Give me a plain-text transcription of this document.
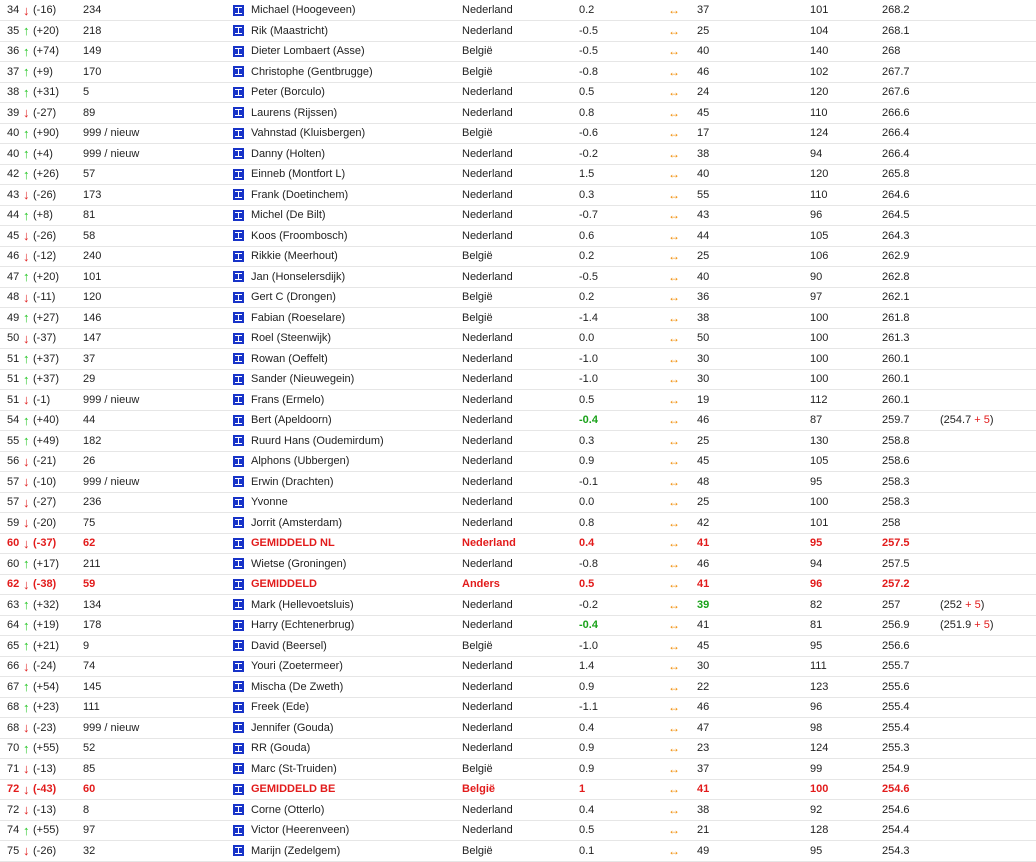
34	↓	(-16)	234		Michael (Hoogeveen)	Nederland	0.2	↔	37	101	268.2	
35	↑	(+20)	218		Rik (Maastricht)	Nederland	-0.5	↔	25	104	268.1	
36	↑	(+74)	149		Dieter Lombaert (Asse)	België	-0.5	↔	40	140	268	
37	↑	(+9)	170		Christophe (Gentbrugge)	België	-0.8	↔	46	102	267.7	
38	↑	(+31)	5		Peter (Borculo)	Nederland	0.5	↔	24	120	267.6	
39	↓	(-27)	89		Laurens (Rijssen)	Nederland	0.8	↔	45	110	266.6	
40	↑	(+90)	999 / nieuw		Vahnstad (Kluisbergen)	België	-0.6	↔	17	124	266.4	
40	↑	(+4)	999 / nieuw		Danny (Holten)	Nederland	-0.2	↔	38	94	266.4	
42	↑	(+26)	57		Einneb (Montfort L)	Nederland	1.5	↔	40	120	265.8	
43	↓	(-26)	173		Frank (Doetinchem)	Nederland	0.3	↔	55	110	264.6	
44	↑	(+8)	81		Michel (De Bilt)	Nederland	-0.7	↔	43	96	264.5	
45	↓	(-26)	58		Koos (Froombosch)	Nederland	0.6	↔	44	105	264.3	
46	↓	(-12)	240		Rikkie (Meerhout)	België	0.2	↔	25	106	262.9	
47	↑	(+20)	101		Jan (Honselersdijk)	Nederland	-0.5	↔	40	90	262.8	
48	↓	(-11)	120		Gert C (Drongen)	België	0.2	↔	36	97	262.1	
49	↑	(+27)	146		Fabian (Roeselare)	België	-1.4	↔	38	100	261.8	
50	↓	(-37)	147		Roel (Steenwijk)	Nederland	0.0	↔	50	100	261.3	
51	↑	(+37)	37		Rowan (Oeffelt)	Nederland	-1.0	↔	30	100	260.1	
51	↑	(+37)	29		Sander (Nieuwegein)	Nederland	-1.0	↔	30	100	260.1	
51	↓	(-1)	999 / nieuw		Frans (Ermelo)	Nederland	0.5	↔	19	112	260.1	
54	↑	(+40)	44		Bert (Apeldoorn)	Nederland	-0.4	↔	46	87	259.7	(254.7 + 5)
55	↑	(+49)	182		Ruurd Hans (Oudemirdum)	Nederland	0.3	↔	25	130	258.8	
56	↓	(-21)	26		Alphons (Ubbergen)	Nederland	0.9	↔	45	105	258.6	
57	↓	(-10)	999 / nieuw		Erwin (Drachten)	Nederland	-0.1	↔	48	95	258.3	
57	↓	(-27)	236		Yvonne	Nederland	0.0	↔	25	100	258.3	
59	↓	(-20)	75		Jorrit (Amsterdam)	Nederland	0.8	↔	42	101	258	
60	↓	(-37)	62		GEMIDDELD NL	Nederland	0.4	↔	41	95	257.5	
60	↑	(+17)	211		Wietse (Groningen)	Nederland	-0.8	↔	46	94	257.5	
62	↓	(-38)	59		GEMIDDELD	Anders	0.5	↔	41	96	257.2	
63	↑	(+32)	134		Mark (Hellevoetsluis)	Nederland	-0.2	↔	39	82	257	(252 + 5)
64	↑	(+19)	178		Harry (Echtenerbrug)	Nederland	-0.4	↔	41	81	256.9	(251.9 + 5)
65	↑	(+21)	9		David (Beersel)	België	-1.0	↔	45	95	256.6	
66	↓	(-24)	74		Youri (Zoetermeer)	Nederland	1.4	↔	30	111	255.7	
67	↑	(+54)	145		Mischa (De Zweth)	Nederland	0.9	↔	22	123	255.6	
68	↑	(+23)	111		Freek (Ede)	Nederland	-1.1	↔	46	96	255.4	
68	↓	(-23)	999 / nieuw		Jennifer (Gouda)	Nederland	0.4	↔	47	98	255.4	
70	↑	(+55)	52		RR (Gouda)	Nederland	0.9	↔	23	124	255.3	
71	↓	(-13)	85		Marc (St-Truiden)	België	0.9	↔	37	99	254.9	
72	↓	(-43)	60		GEMIDDELD BE	België	1	↔	41	100	254.6	
72	↓	(-13)	8		Corne (Otterlo)	Nederland	0.4	↔	38	92	254.6	
74	↑	(+55)	97		Victor (Heerenveen)	Nederland	0.5	↔	21	128	254.4	
75	↓	(-26)	32		Marijn (Zedelgem)	België	0.1	↔	49	95	254.3	
